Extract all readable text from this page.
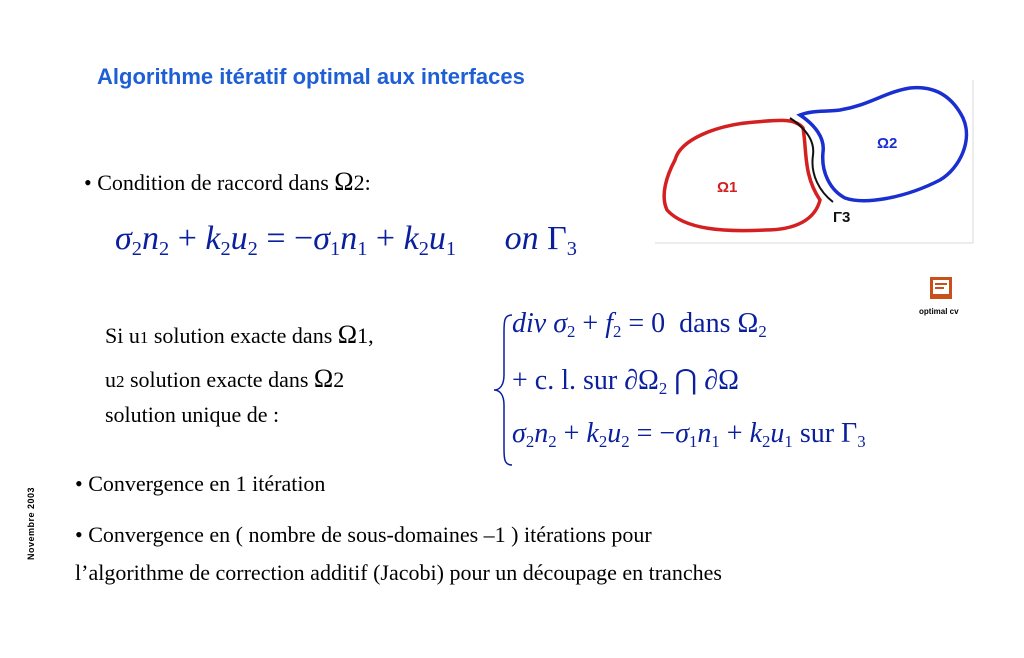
Algorithme itératif optimal aux interfaces
Ω1
Ω2
Γ3
• Condition de raccord dans Ω2:
$\sigma_2n_2 + k_2u_2 = -\sigma_1n_1 + k_2u_1$ on $\Gamma_3$
optimal cv
Si u1 solution exacte dans Ω1,
u2 solution exacte dans Ω2
solution unique de :
div $\sigma_2 + f_2 = 0$  dans $\Omega_2$
+ c. l. sur $\partial\Omega_2$ ⋂ ∂Ω
$\sigma_2n_2 + k_2u_2 = -\sigma_1n_1 + k_2u_1$ sur $\Gamma_3$
• Convergence en 1 itération
• Convergence en ( nombre de sous-domaines –1 ) itérations pour
l’algorithme de correction additif (Jacobi) pour un découpage en tranches
Novembre 2003
